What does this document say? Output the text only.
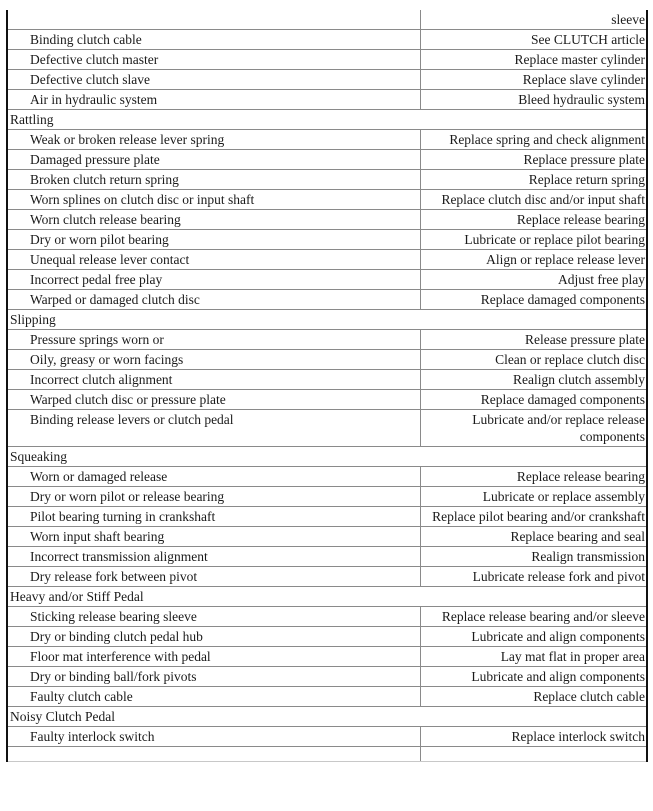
	sleeve
Binding clutch cable	See CLUTCH article
Defective clutch master	Replace master cylinder
Defective clutch slave	Replace slave cylinder
Air in hydraulic system	Bleed hydraulic system
Rattling	
Weak or broken release lever spring	Replace spring and check alignment
Damaged pressure plate	Replace pressure plate
Broken clutch return spring	Replace return spring
Worn splines on clutch disc or input shaft	Replace clutch disc and/or input shaft
Worn clutch release bearing	Replace release bearing
Dry or worn pilot bearing	Lubricate or replace pilot bearing
Unequal release lever contact	Align or replace release lever
Incorrect pedal free play	Adjust free play
Warped or damaged clutch disc	Replace damaged components
Slipping	
Pressure springs worn or	Release pressure plate
Oily, greasy or worn facings	Clean or replace clutch disc
Incorrect clutch alignment	Realign clutch assembly
Warped clutch disc or pressure plate	Replace damaged components
Binding release levers or clutch pedal	Lubricate and/or replace release components
Squeaking	
Worn or damaged release	Replace release bearing
Dry or worn pilot or release bearing	Lubricate or replace assembly
Pilot bearing turning in crankshaft	Replace pilot bearing and/or crankshaft
Worn input shaft bearing	Replace bearing and seal
Incorrect transmission alignment	Realign transmission
Dry release fork between pivot	Lubricate release fork and pivot
Heavy and/or Stiff Pedal	
Sticking release bearing sleeve	Replace release bearing and/or sleeve
Dry or binding clutch pedal hub	Lubricate and align components
Floor mat interference with pedal	Lay mat flat in proper area
Dry or binding ball/fork pivots	Lubricate and align components
Faulty clutch cable	Replace clutch cable
Noisy Clutch Pedal	
Faulty interlock switch	Replace interlock switch
